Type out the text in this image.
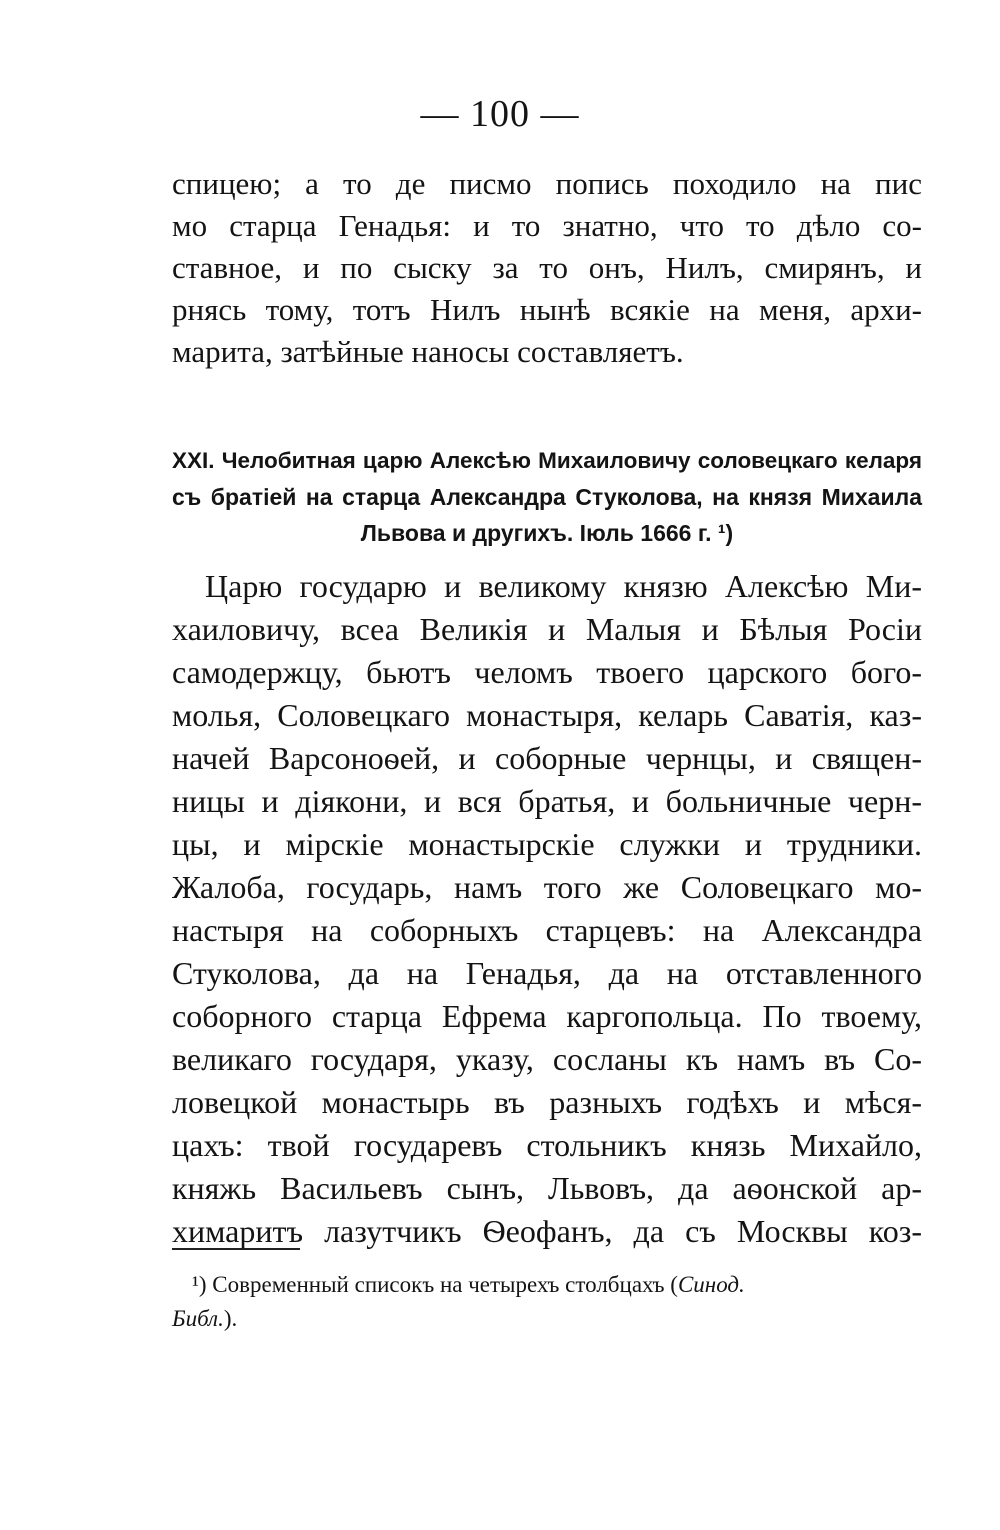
— 100 —
спицею; а то де писмо попись походило на пис
мо старца Генадья: и то знатно, что то дѣло со-
ставное, и по сыску за то онъ, Нилъ, смирянъ, и
рнясь тому, тотъ Нилъ нынѣ всякіе на меня, архи-
марита, затѣйные наносы составляетъ.
XXI. Челобитная царю Алексѣю Михаиловичу соловецкаго келаря
съ братіей на старца Александра Стуколова, на князя Михаила
Львова и другихъ. Іюль 1666 г. ¹)
Царю государю и великому князю Алексѣю Ми-
хаиловичу, всеа Великія и Малыя и Бѣлыя Росіи
самодержцу, бьютъ челомъ твоего царского бого-
молья, Соловецкаго монастыря, келарь Саватія, каз-
начей Варсоноѳей, и соборные чернцы, и священ-
ницы и діякони, и вся братья, и больничные черн-
цы, и мірскіе монастырскіе служки и трудники.
Жалоба, государь, намъ того же Соловецкаго мо-
настыря на соборныхъ старцевъ: на Александра
Стуколова, да на Генадья, да на отставленного
соборного старца Ефрема каргопольца. По твоему,
великаго государя, указу, сосланы къ намъ въ Со-
ловецкой монастырь въ разныхъ годѣхъ и мѣся-
цахъ: твой государевъ стольникъ князь Михайло,
княжь Васильевъ сынъ, Львовъ, да аѳонской ар-
химаритъ лазутчикъ Ѳеофанъ, да съ Москвы коз-
¹) Современный списокъ на четырехъ столбцахъ (Синод.
Библ.).
